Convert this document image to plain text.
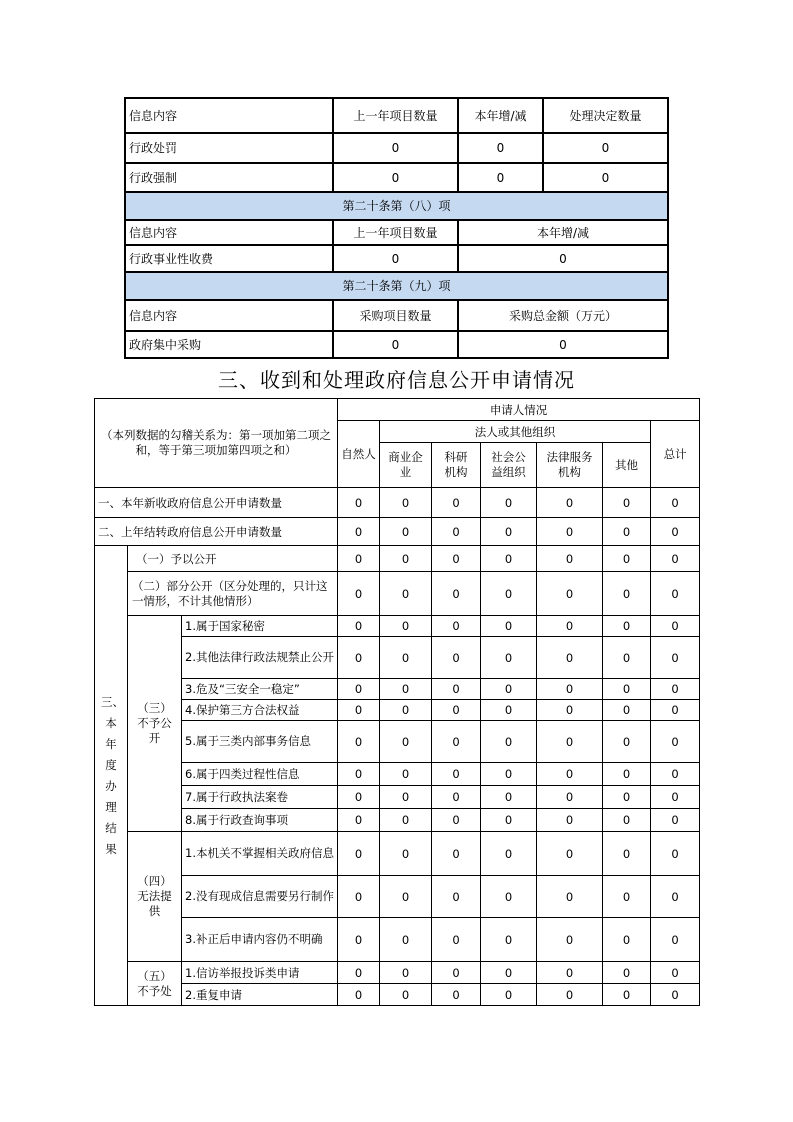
信息内容	上一年项目数量	本年增/减	处理决定数量
行政处罚	0	0	0
行政强制	0	0	0
第二十条第（八）项			
信息内容	上一年项目数量	本年增/减	
行政事业性收费	0	0	
第二十条第（九）项			
信息内容	采购项目数量	采购总金额（万元）	
政府集中采购	0	0	
三、收到和处理政府信息公开申请情况
（本列数据的勾稽关系为：第一项加第二项之和，等于第三项加第四项之和）			申请人情况						
			自然人	法人或其他组织					总计
				商业企业	科研机构	社会公益组织	法律服务机构	其他	
一、本年新收政府信息公开申请数量			0	0	0	0	0	0	0
二、上年结转政府信息公开申请数量			0	0	0	0	0	0	0
三、本年度办理结果	（一）予以公开		0	0	0	0	0	0	0
	（二）部分公开（区分处理的，只计这一情形，不计其他情形）		0	0	0	0	0	0	0
	（三）不予公开	1.属于国家秘密	0	0	0	0	0	0	0
		2.其他法律行政法规禁止公开	0	0	0	0	0	0	0
		3.危及“三安全一稳定”	0	0	0	0	0	0	0
		4.保护第三方合法权益	0	0	0	0	0	0	0
		5.属于三类内部事务信息	0	0	0	0	0	0	0
		6.属于四类过程性信息	0	0	0	0	0	0	0
		7.属于行政执法案卷	0	0	0	0	0	0	0
		8.属于行政查询事项	0	0	0	0	0	0	0
	（四）无法提供	1.本机关不掌握相关政府信息	0	0	0	0	0	0	0
		2.没有现成信息需要另行制作	0	0	0	0	0	0	0
		3.补正后申请内容仍不明确	0	0	0	0	0	0	0
	（五）不予处	1.信访举报投诉类申请	0	0	0	0	0	0	0
		2.重复申请	0	0	0	0	0	0	0
